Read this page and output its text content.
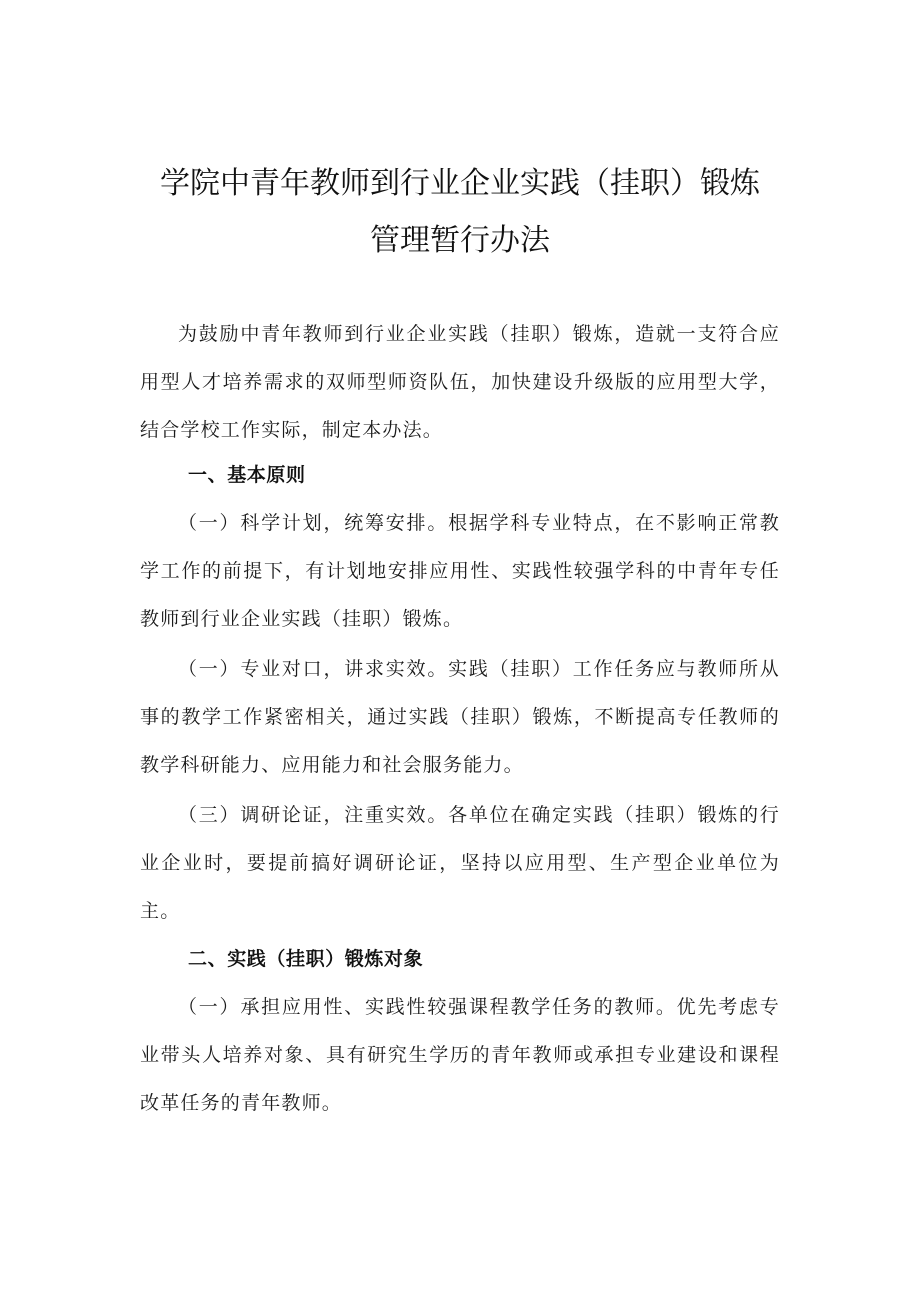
学院中青年教师到行业企业实践（挂职）锻炼
管理暂行办法

为鼓励中青年教师到行业企业实践（挂职）锻炼，造就一支符合应用型人才培养需求的双师型师资队伍，加快建设升级版的应用型大学，结合学校工作实际，制定本办法。

一、基本原则

（一）科学计划，统筹安排。根据学科专业特点，在不影响正常教学工作的前提下，有计划地安排应用性、实践性较强学科的中青年专任教师到行业企业实践（挂职）锻炼。

（一）专业对口，讲求实效。实践（挂职）工作任务应与教师所从事的教学工作紧密相关，通过实践（挂职）锻炼，不断提高专任教师的教学科研能力、应用能力和社会服务能力。

（三）调研论证，注重实效。各单位在确定实践（挂职）锻炼的行业企业时，要提前搞好调研论证，坚持以应用型、生产型企业单位为主。

二、实践（挂职）锻炼对象

（一）承担应用性、实践性较强课程教学任务的教师。优先考虑专业带头人培养对象、具有研究生学历的青年教师或承担专业建设和课程改革任务的青年教师。
